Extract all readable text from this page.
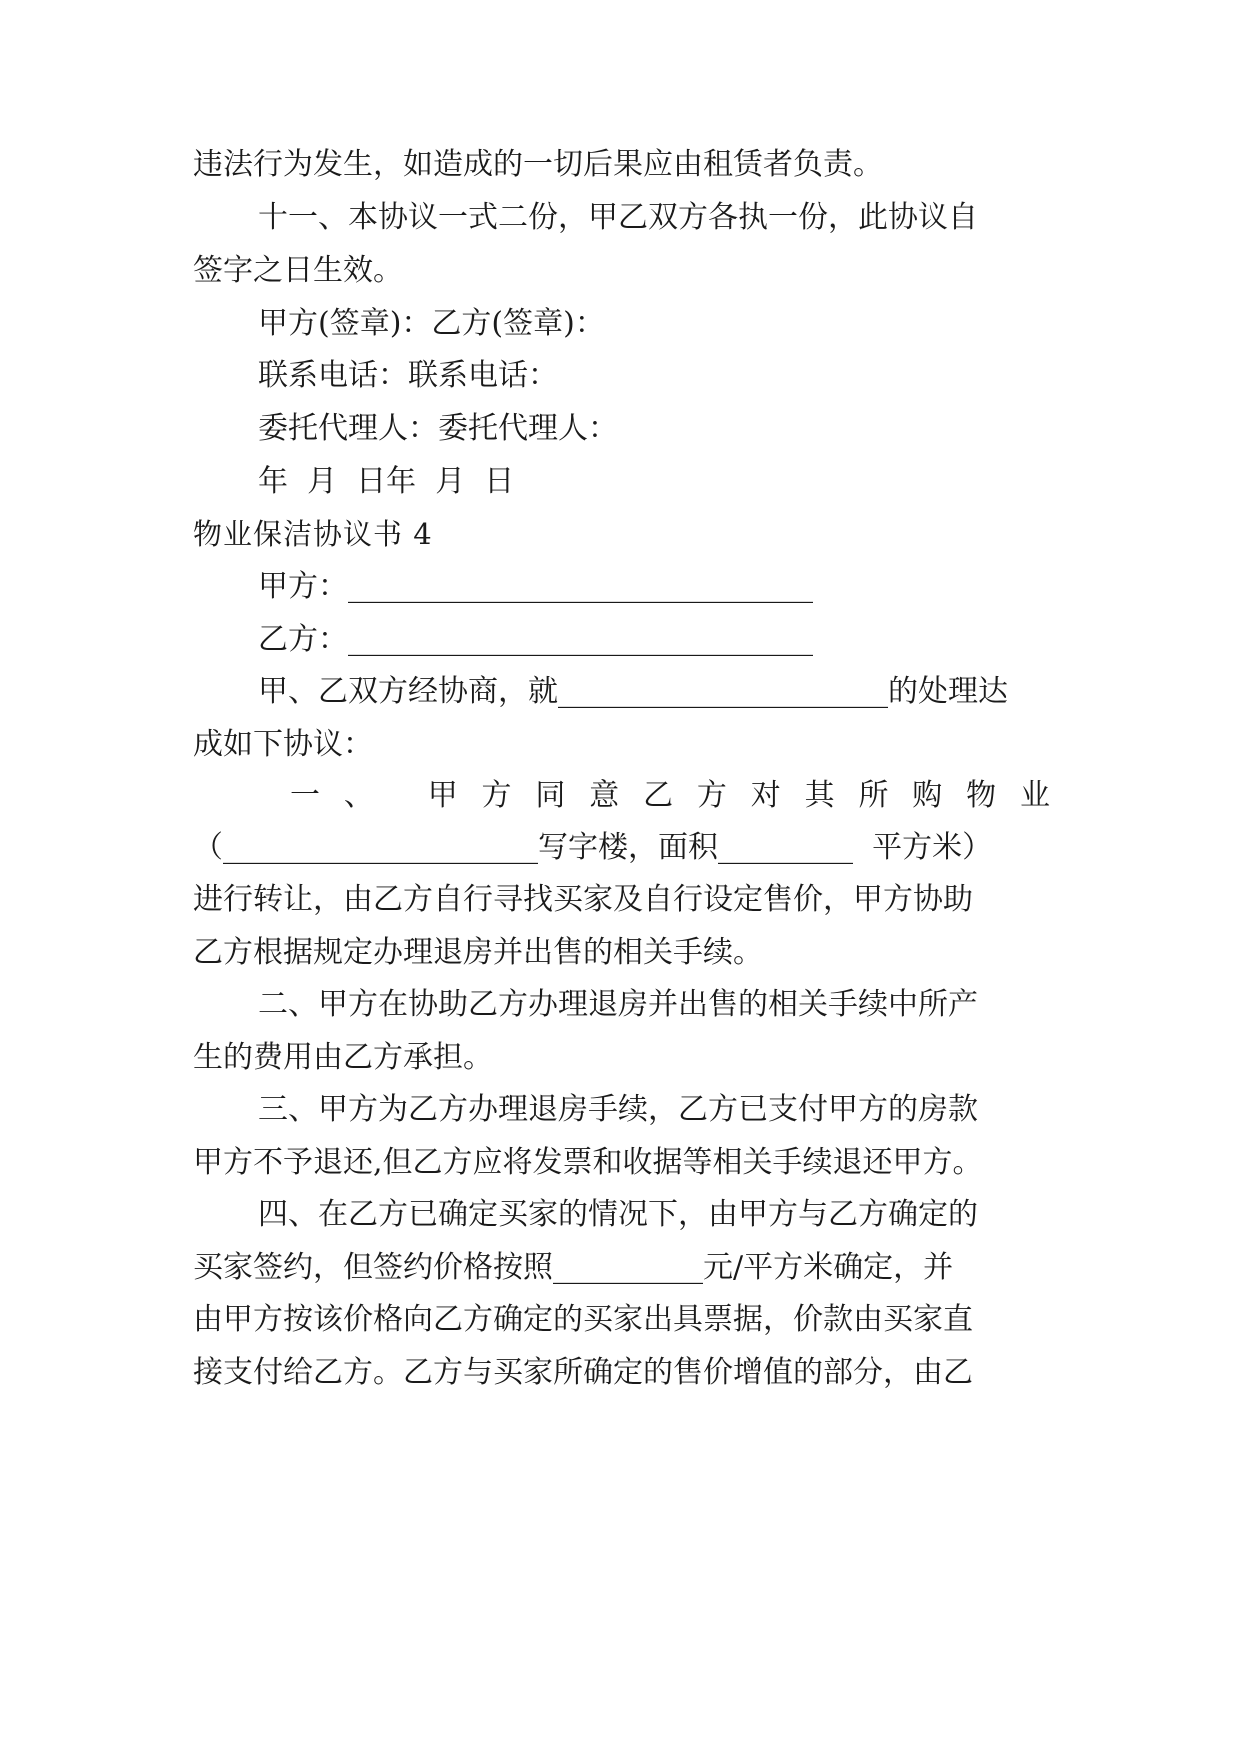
违法行为发生，如造成的一切后果应由租赁者负责。
十一、本协议一式二份，甲乙双方各执一份，此协议自
签字之日生效。
甲方(签章)：乙方(签章)：
联系电话：联系电话：
委托代理人：委托代理人：
年  月  日年  月  日
物业保洁协议书 4
甲方：_______________________________
乙方：_______________________________
甲、乙双方经协商，就______________________的处理达
成如下协议：
一 、 甲 方 同 意 乙 方 对 其 所 购 物 业
（_____________________写字楼，面积_________  平方米）
进行转让，由乙方自行寻找买家及自行设定售价，甲方协助
乙方根据规定办理退房并出售的相关手续。
二、甲方在协助乙方办理退房并出售的相关手续中所产
生的费用由乙方承担。
三、甲方为乙方办理退房手续，乙方已支付甲方的房款
甲方不予退还,但乙方应将发票和收据等相关手续退还甲方。
四、在乙方已确定买家的情况下，由甲方与乙方确定的
买家签约，但签约价格按照__________元/平方米确定，并
由甲方按该价格向乙方确定的买家出具票据，价款由买家直
接支付给乙方。乙方与买家所确定的售价增值的部分，由乙
